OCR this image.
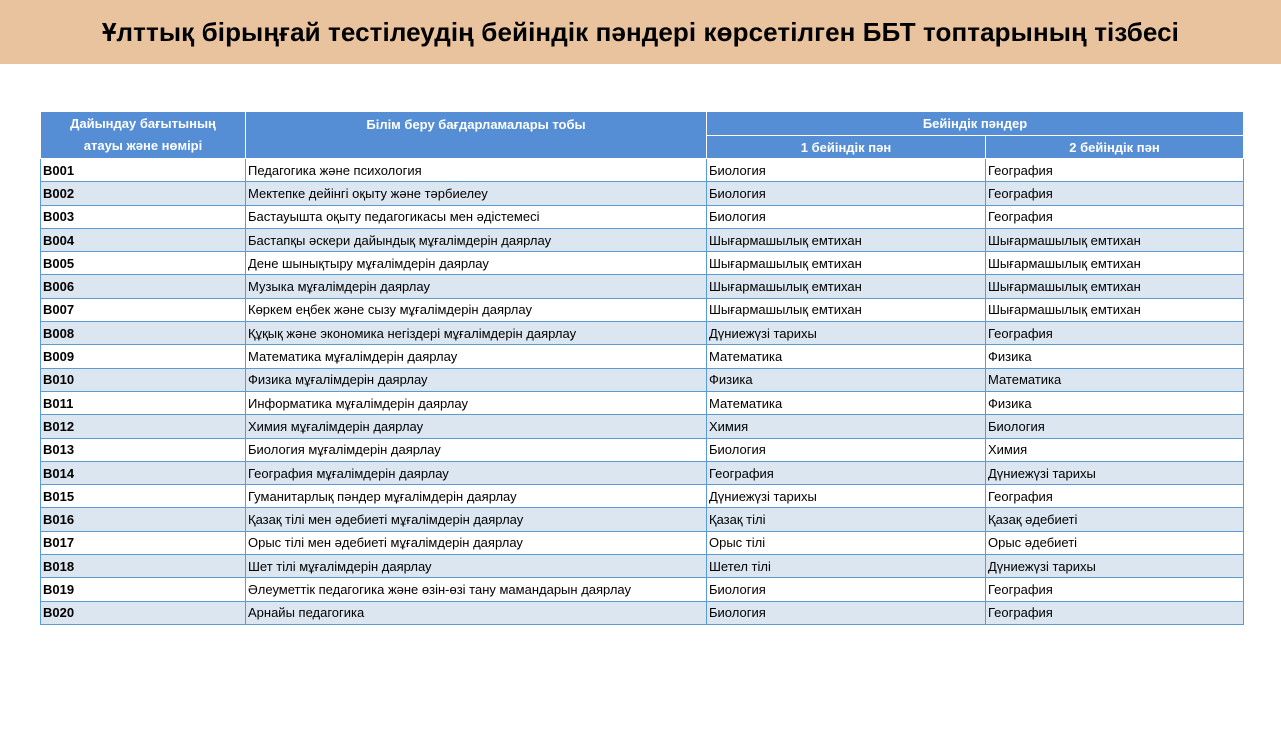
Ұлттық бірыңғай тестілеудің бейіндік пәндері көрсетілген ББТ топтарының тізбесі
Дайындау бағытының
атауы және нөмірі	Білім беру бағдарламалары тобы	Бейіндік пәндер	
		1 бейіндік пән	2 бейіндік пән
B001	Педагогика және психология	Биология	География
B002	Мектепке дейінгі оқыту және тәрбиелеу	Биология	География
B003	Бастауышта оқыту педагогикасы мен әдістемесі	Биология	География
B004	Бастапқы әскери дайындық мұғалімдерін даярлау	Шығармашылық емтихан	Шығармашылық емтихан
B005	Дене шынықтыру мұғалімдерін даярлау	Шығармашылық емтихан	Шығармашылық емтихан
B006	Музыка мұғалімдерін даярлау	Шығармашылық емтихан	Шығармашылық емтихан
B007	Көркем еңбек және сызу мұғалімдерін даярлау	Шығармашылық емтихан	Шығармашылық емтихан
B008	Құқық және экономика негіздері мұғалімдерін даярлау	Дүниежүзі тарихы	География
B009	Математика мұғалімдерін даярлау	Математика	Физика
B010	Физика мұғалімдерін даярлау	Физика	Математика
B011	Информатика мұғалімдерін даярлау	Математика	Физика
B012	Химия мұғалімдерін даярлау	Химия	Биология
B013	Биология мұғалімдерін даярлау	Биология	Химия
B014	География мұғалімдерін даярлау	География	Дүниежүзі тарихы
B015	Гуманитарлық пәндер мұғалімдерін даярлау	Дүниежүзі тарихы	География
B016	Қазақ тілі мен әдебиеті мұғалімдерін даярлау	Қазақ тілі	Қазақ әдебиеті
B017	Орыс тілі мен әдебиеті мұғалімдерін даярлау	Орыс тілі	Орыс әдебиеті
B018	Шет тілі мұғалімдерін даярлау	Шетел тілі	Дүниежүзі тарихы
B019	Әлеуметтік педагогика және өзін-өзі тану мамандарын даярлау	Биология	География
B020	Арнайы педагогика	Биология	География
